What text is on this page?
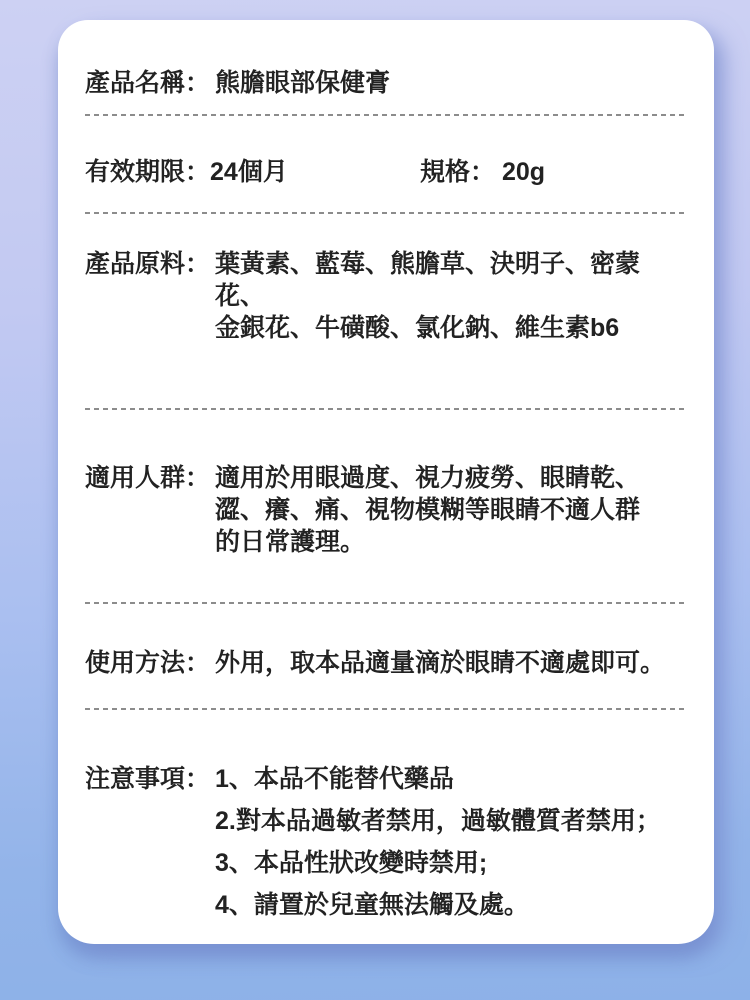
產品名稱： 熊膽眼部保健膏
有效期限：24個月	規格： 20g
產品原料： 葉黃素、藍莓、熊膽草、決明子、密蒙花、
金銀花、牛磺酸、氯化鈉、維生素b6
適用人群： 適用於用眼過度、視力疲勞、眼睛乾、
澀、癢、痛、視物模糊等眼睛不適人群
的日常護理。
使用方法： 外用，取本品適量滴於眼睛不適處即可。
注意事項： 1、本品不能替代藥品
2.對本品過敏者禁用，過敏體質者禁用；
3、本品性狀改變時禁用;
4、請置於兒童無法觸及處。
